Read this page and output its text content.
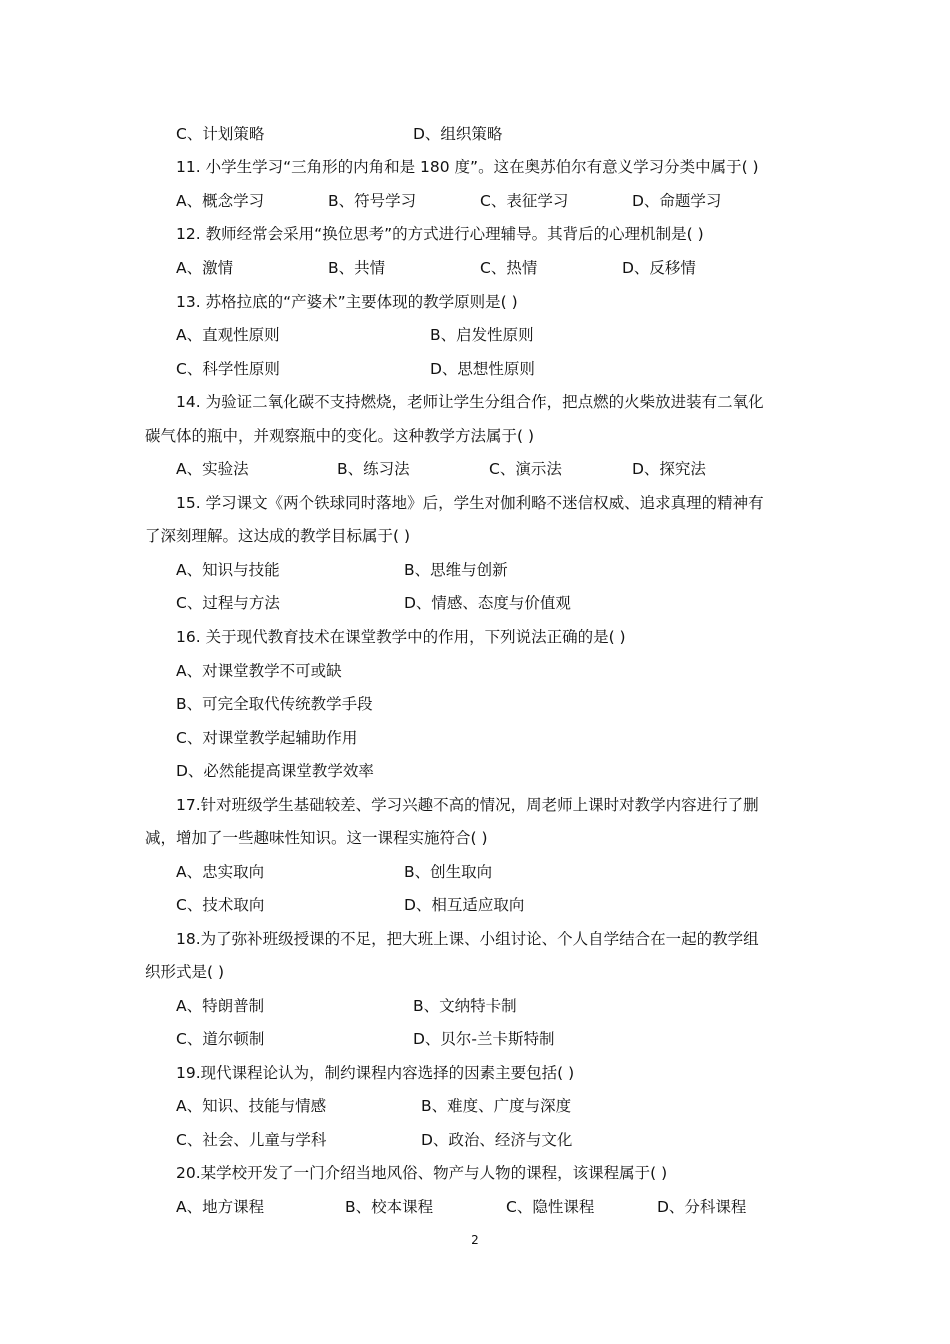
C、计划策略	D、组织策略
11. 小学生学习“三角形的内角和是 180 度”。这在奥苏伯尔有意义学习分类中属于( )
A、概念学习	B、符号学习	C、表征学习	D、命题学习
12. 教师经常会采用“换位思考”的方式进行心理辅导。其背后的心理机制是( )
A、激情	B、共情	C、热情	D、反移情
13. 苏格拉底的“产婆术”主要体现的教学原则是( )
A、直观性原则	B、启发性原则
C、科学性原则	D、思想性原则
14. 为验证二氧化碳不支持燃烧，老师让学生分组合作，把点燃的火柴放进装有二氧化
碳气体的瓶中，并观察瓶中的变化。这种教学方法属于( )
A、实验法	B、练习法	C、演示法	D、探究法
15. 学习课文《两个铁球同时落地》后，学生对伽利略不迷信权威、追求真理的精神有
了深刻理解。这达成的教学目标属于( )
A、知识与技能	B、思维与创新
C、过程与方法	D、情感、态度与价值观
16. 关于现代教育技术在课堂教学中的作用，下列说法正确的是( )
A、对课堂教学不可或缺
B、可完全取代传统教学手段
C、对课堂教学起辅助作用
D、必然能提高课堂教学效率
17.针对班级学生基础较差、学习兴趣不高的情况，周老师上课时对教学内容进行了删
减，增加了一些趣味性知识。这一课程实施符合( )
A、忠实取向	B、创生取向
C、技术取向	D、相互适应取向
18.为了弥补班级授课的不足，把大班上课、小组讨论、个人自学结合在一起的教学组
织形式是( )
A、特朗普制	B、文纳特卡制
C、道尔顿制	D、贝尔-兰卡斯特制
19.现代课程论认为，制约课程内容选择的因素主要包括( )
A、知识、技能与情感	B、难度、广度与深度
C、社会、儿童与学科	D、政治、经济与文化
20.某学校开发了一门介绍当地风俗、物产与人物的课程，该课程属于( )
A、地方课程	B、校本课程	C、隐性课程	D、分科课程
2
